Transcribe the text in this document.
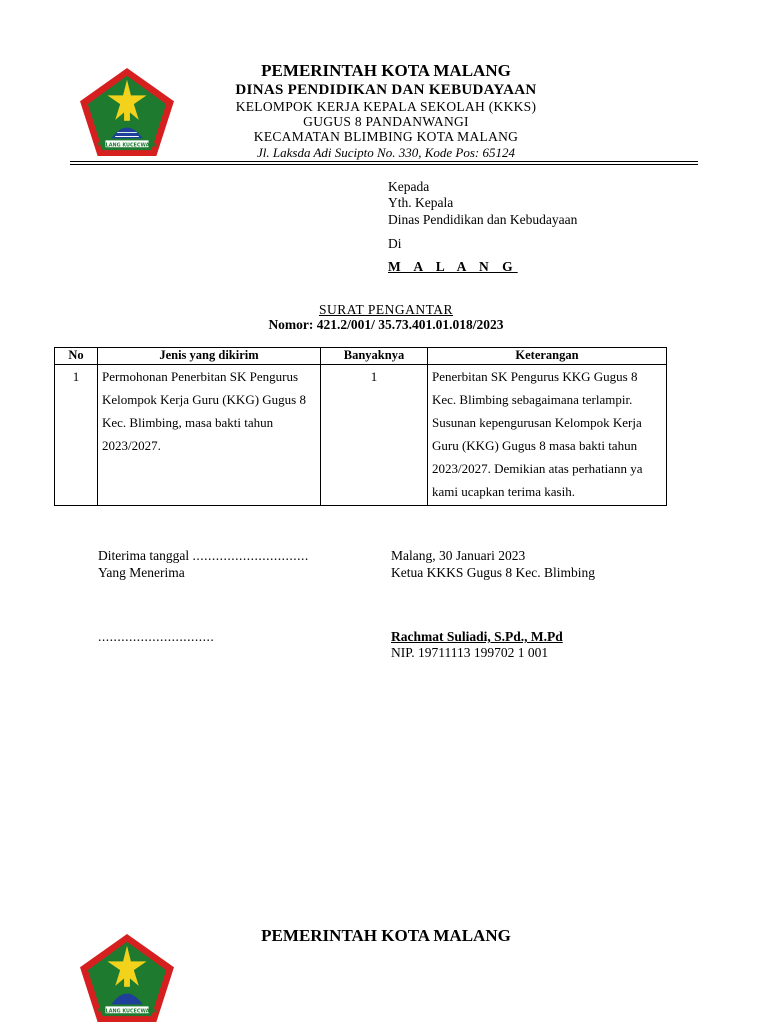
MALANG KUCECWARA
PEMERINTAH KOTA MALANG
DINAS PENDIDIKAN DAN KEBUDAYAAN
KELOMPOK KERJA KEPALA SEKOLAH (KKKS)
GUGUS 8 PANDANWANGI
KECAMATAN BLIMBING KOTA MALANG
Jl. Laksda Adi Sucipto No. 330, Kode Pos: 65124
Kepada
Yth. Kepala
Dinas Pendidikan dan Kebudayaan
Di
M A L A N G
SURAT PENGANTAR
Nomor: 421.2/001/ 35.73.401.01.018/2023
No	Jenis yang dikirim	Banyaknya	Keterangan
1	Permohonan Penerbitan SK Pengurus Kelompok Kerja Guru (KKG) Gugus 8 Kec. Blimbing, masa bakti tahun 2023/2027.	1	Penerbitan SK Pengurus KKG Gugus 8 Kec. Blimbing sebagaimana terlampir. Susunan kepengurusan Kelompok Kerja Guru (KKG) Gugus 8 masa bakti tahun 2023/2027. Demikian atas perhatiann ya kami ucapkan terima kasih.
Diterima tanggal ..............................
Yang Menerima
..............................
Malang, 30 Januari 2023
Ketua KKKS Gugus 8 Kec. Blimbing
Rachmat Suliadi, S.Pd., M.Pd
NIP. 19711113 199702 1 001
MALANG KUCECWARA
PEMERINTAH KOTA MALANG
